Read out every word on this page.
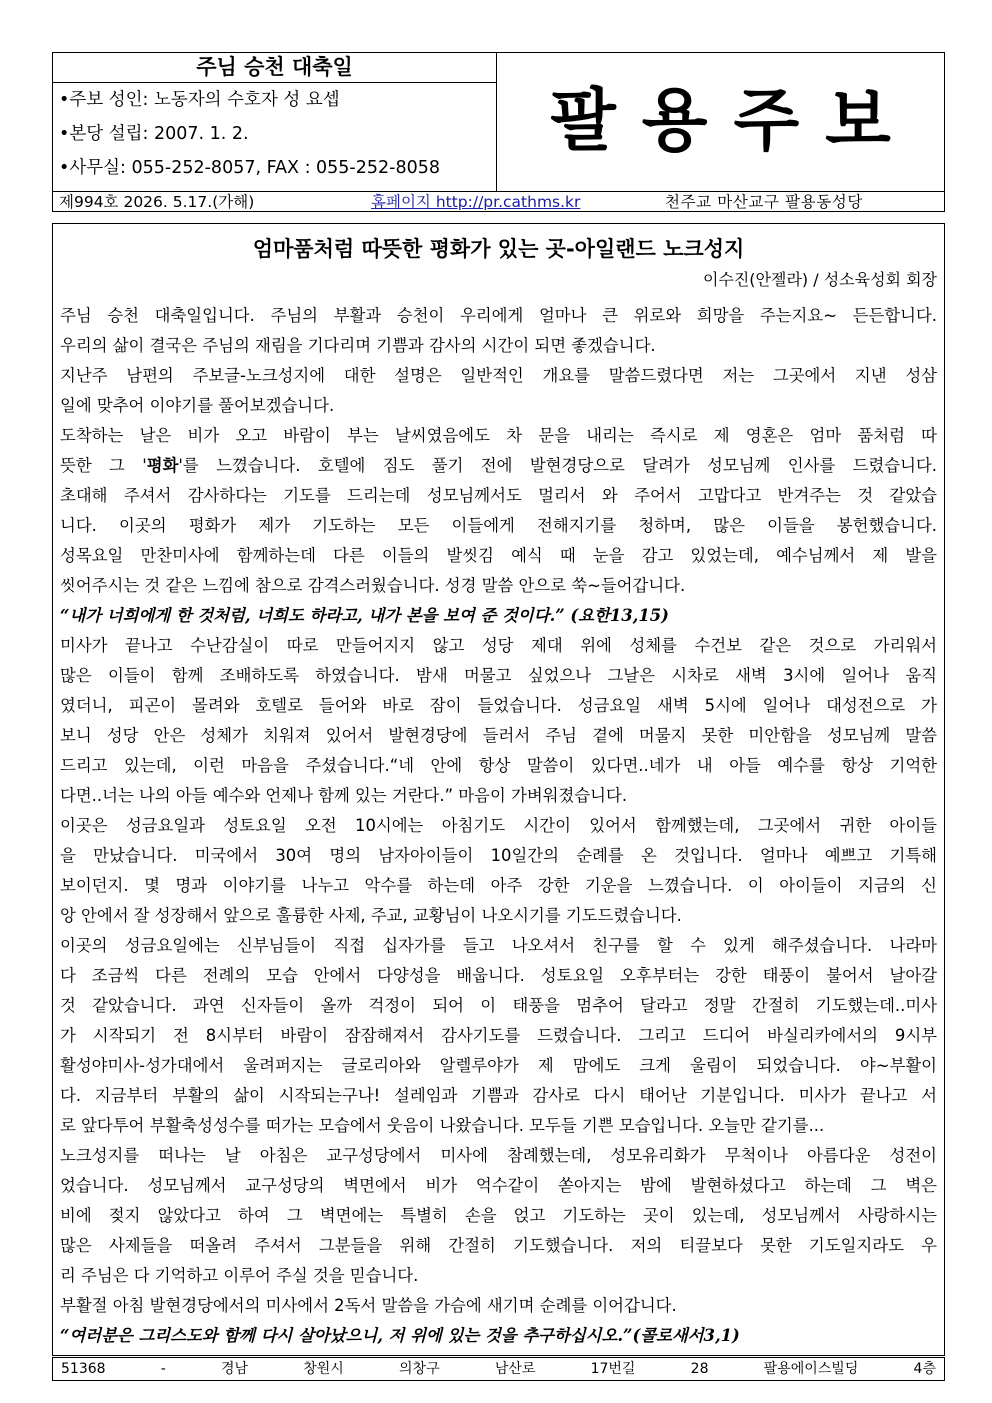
주님 승천 대축일
•주보 성인: 노동자의 수호자 성 요셉
•본당 설립: 2007. 1. 2.
•사무실: 055-252-8057, FAX : 055-252-8058
팔용주보
제994호 2026. 5.17.(가해)	홈페이지 http://pr.cathms.kr	천주교 마산교구 팔용동성당
엄마품처럼 따뜻한 평화가 있는 곳-아일랜드 노크성지
이수진(안젤라) / 성소육성회 회장
주님 승천 대축일입니다. 주님의 부활과 승천이 우리에게 얼마나 큰 위로와 희망을 주는지요~ 든든합니다.
우리의 삶이 결국은 주님의 재림을 기다리며 기쁨과 감사의 시간이 되면 좋겠습니다.
지난주 남편의 주보글-노크성지에 대한 설명은 일반적인 개요를 말씀드렸다면 저는 그곳에서 지낸 성삼
일에 맞추어 이야기를 풀어보겠습니다.
도착하는 날은 비가 오고 바람이 부는 날씨였음에도 차 문을 내리는 즉시로 제 영혼은 엄마 품처럼 따
뜻한 그 '평화'를 느꼈습니다. 호텔에 짐도 풀기 전에 발현경당으로 달려가 성모님께 인사를 드렸습니다.
초대해 주셔서 감사하다는 기도를 드리는데 성모님께서도 멀리서 와 주어서 고맙다고 반겨주는 것 같았습
니다. 이곳의 평화가 제가 기도하는 모든 이들에게 전해지기를 청하며, 많은 이들을 봉헌했습니다.
성목요일 만찬미사에 함께하는데 다른 이들의 발씻김 예식 때 눈을 감고 있었는데, 예수님께서 제 발을
씻어주시는 것 같은 느낌에 참으로 감격스러웠습니다. 성경 말씀 안으로 쑥~들어갑니다.
“내가 너희에게 한 것처럼, 너희도 하라고, 내가 본을 보여 준 것이다.” (요한13,15)
미사가 끝나고 수난감실이 따로 만들어지지 않고 성당 제대 위에 성체를 수건보 같은 것으로 가리워서
많은 이들이 함께 조배하도록 하였습니다. 밤새 머물고 싶었으나 그날은 시차로 새벽 3시에 일어나 움직
였더니, 피곤이 몰려와 호텔로 들어와 바로 잠이 들었습니다. 성금요일 새벽 5시에 일어나 대성전으로 가
보니 성당 안은 성체가 치워져 있어서 발현경당에 들러서 주님 곁에 머물지 못한 미안함을 성모님께 말씀
드리고 있는데, 이런 마음을 주셨습니다.“네 안에 항상 말씀이 있다면..네가 내 아들 예수를 항상 기억한
다면..너는 나의 아들 예수와 언제나 함께 있는 거란다.” 마음이 가벼워졌습니다.
이곳은 성금요일과 성토요일 오전 10시에는 아침기도 시간이 있어서 함께했는데, 그곳에서 귀한 아이들
을 만났습니다. 미국에서 30여 명의 남자아이들이 10일간의 순례를 온 것입니다. 얼마나 예쁘고 기특해
보이던지. 몇 명과 이야기를 나누고 악수를 하는데 아주 강한 기운을 느꼈습니다. 이 아이들이 지금의 신
앙 안에서 잘 성장해서 앞으로 훌륭한 사제, 주교, 교황님이 나오시기를 기도드렸습니다.
이곳의 성금요일에는 신부님들이 직접 십자가를 들고 나오셔서 친구를 할 수 있게 해주셨습니다. 나라마
다 조금씩 다른 전례의 모습 안에서 다양성을 배웁니다. 성토요일 오후부터는 강한 태풍이 불어서 날아갈
것 같았습니다. 과연 신자들이 올까 걱정이 되어 이 태풍을 멈추어 달라고 정말 간절히 기도했는데..미사
가 시작되기 전 8시부터 바람이 잠잠해져서 감사기도를 드렸습니다. 그리고 드디어 바실리카에서의 9시부
활성야미사-성가대에서 울려퍼지는 글로리아와 알렐루야가 제 맘에도 크게 울림이 되었습니다. 야~부활이
다. 지금부터 부활의 삶이 시작되는구나! 설레임과 기쁨과 감사로 다시 태어난 기분입니다. 미사가 끝나고 서
로 앞다투어 부활축성성수를 떠가는 모습에서 웃음이 나왔습니다. 모두들 기쁜 모습입니다. 오늘만 같기를...
노크성지를 떠나는 날 아침은 교구성당에서 미사에 참례했는데, 성모유리화가 무척이나 아름다운 성전이
었습니다. 성모님께서 교구성당의 벽면에서 비가 억수같이 쏟아지는 밤에 발현하셨다고 하는데 그 벽은
비에 젖지 않았다고 하여 그 벽면에는 특별히 손을 얹고 기도하는 곳이 있는데, 성모님께서 사랑하시는
많은 사제들을 떠올려 주셔서 그분들을 위해 간절히 기도했습니다. 저의 티끌보다 못한 기도일지라도 우
리 주님은 다 기억하고 이루어 주실 것을 믿습니다.
부활절 아침 발현경당에서의 미사에서 2독서 말씀을 가슴에 새기며 순례를 이어갑니다.
“여러분은 그리스도와 함께 다시 살아났으니, 저 위에 있는 것을 추구하십시오.”(콜로새서3,1)
51368 - 경남 창원시 의창구 남산로 17번길 28 팔용에이스빌딩 4층
